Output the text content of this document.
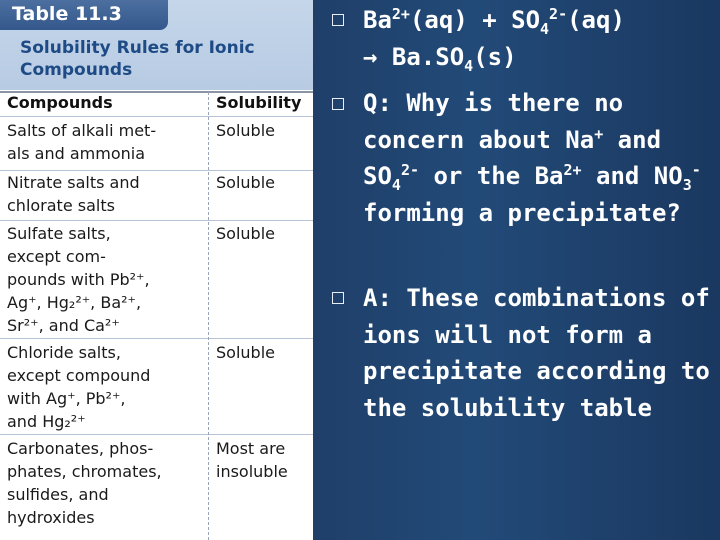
Table 11.3
Solubility Rules for Ionic Compounds
Compounds	Solubility
Salts of alkali met-
als and ammonia
Soluble
Nitrate salts and
chlorate salts
Soluble
Sulfate salts,
except com-
pounds with Pb²⁺,
Ag⁺, Hg₂²⁺, Ba²⁺,
Sr²⁺, and Ca²⁺
Soluble
Chloride salts,
except compound
with Ag⁺, Pb²⁺,
and Hg₂²⁺
Soluble
Carbonates, phos-
phates, chromates,
sulfides, and
hydroxides
Most are
insoluble
$Ba^{2+}(aq) + SO_4^{2-}(aq)$
→ $Ba.SO_4(s)$
Q: Why is there no concern about Na+ and $SO_4^{2-}$ or the $Ba^{2+}$ and $NO_3^-$ forming a precipitate?
A: These combinations of ions will not form a precipitate according to the solubility table
